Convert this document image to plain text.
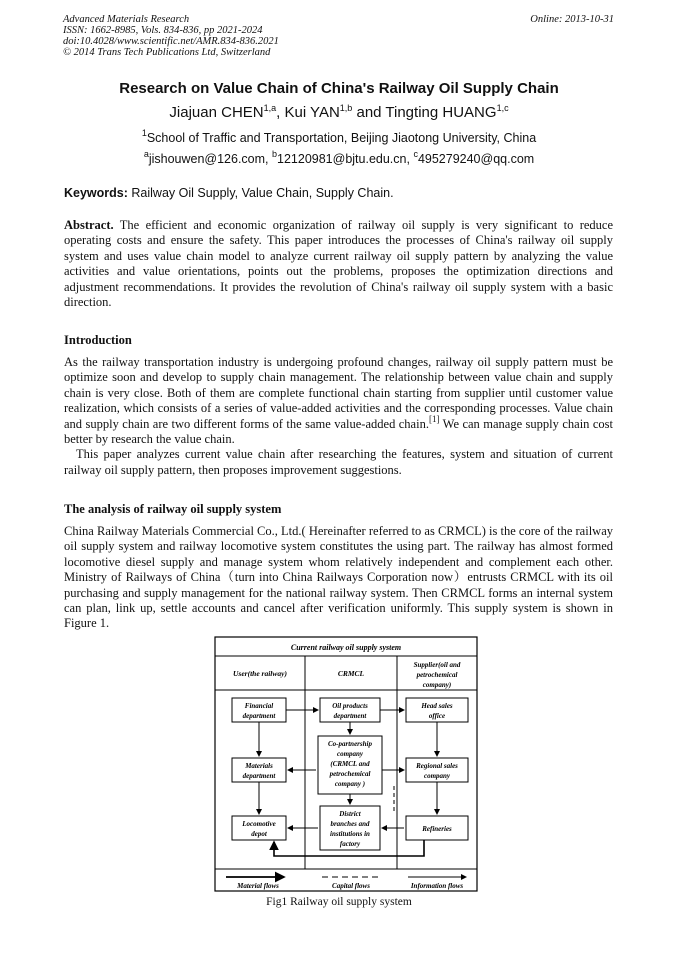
Advanced Materials Research
ISSN: 1662-8985, Vols. 834-836, pp 2021-2024
doi:10.4028/www.scientific.net/AMR.834-836.2021
© 2014 Trans Tech Publications Ltd, Switzerland
Online: 2013-10-31
Research on Value Chain of China's Railway Oil Supply Chain
Jiajuan CHEN$^{1,a}$, Kui YAN$^{1,b}$ and Tingting HUANG$^{1,c}$
$^1$School of Traffic and Transportation, Beijing Jiaotong University, China
$^a$jishouwen@126.com, $^b$12120981@bjtu.edu.cn, $^c$495279240@qq.com
Keywords: Railway Oil Supply, Value Chain, Supply Chain.
Abstract. The efficient and economic organization of railway oil supply is very significant to reduce operating costs and ensure the safety. This paper introduces the processes of China's railway oil supply system and uses value chain model to analyze current railway oil supply pattern by analyzing the value activities and value orientations, points out the problems, proposes the optimization directions and adjustment recommendations. It provides the revolution of China's railway oil supply system with a basic direction.
Introduction
As the railway transportation industry is undergoing profound changes, railway oil supply pattern must be optimize soon and develop to supply chain management. The relationship between value chain and supply chain is very close. Both of them are complete functional chain starting from supplier until customer value realization, which consists of a series of value-added activities and the corresponding processes. Value chain and supply chain are two different forms of the same value-added chain.[1] We can manage supply chain cost better by research the value chain.
This paper analyzes current value chain after researching the features, system and situation of current railway oil supply pattern, then proposes improvement suggestions.
The analysis of railway oil supply system
China Railway Materials Commercial Co., Ltd.( Hereinafter referred to as CRMCL) is the core of the railway oil supply system and railway locomotive system constitutes the using part. The railway has almost formed locomotive diesel supply and manage system whom relatively independent and complement each other. Ministry of Railways of China（turn into China Railways Corporation now）entrusts CRMCL with its oil purchasing and supply management for the national railway system. Then CRMCL forms an internal system can plan, link up, settle accounts and cancel after verification uniformly. This supply system is shown in Figure 1.
Current railway oil supply system
User(the railway)	CRMCL
Supplier(oil and
petrochemical
company)
Financial
department
Materials
department
Locomotive
depot
Oil products
department
Co-partnership
company
(CRMCL and
petrochemical
company )
District
branches and
institutions in
factory
Head sales
office
Regional sales
company
Refineries
Material flows	Capital flows	Information flows
Fig1 Railway oil supply system
